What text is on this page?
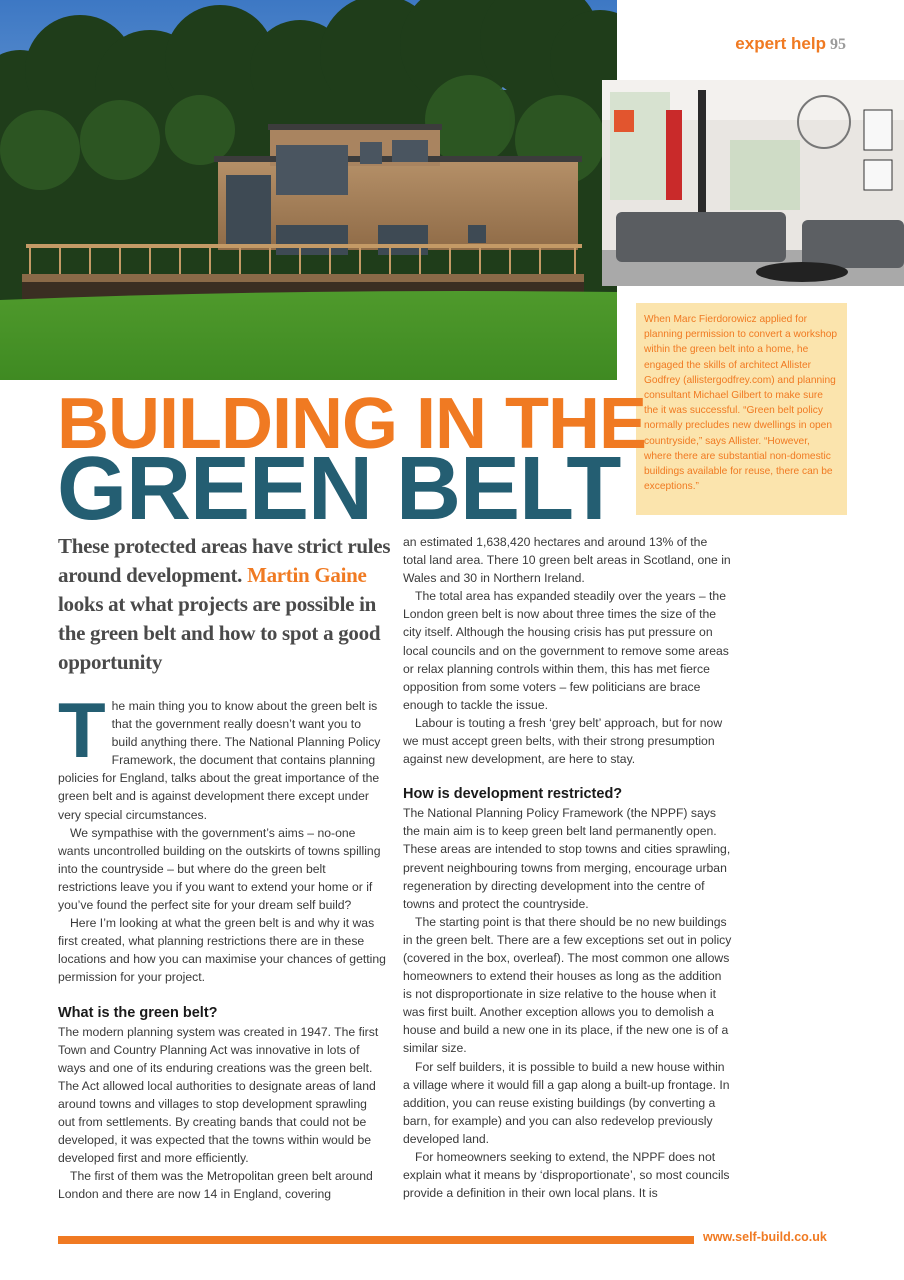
expert help 95
When Marc Fierdorowicz applied for planning permission to convert a workshop within the green belt into a home, he engaged the skills of architect Allister Godfrey (allistergodfrey.com) and planning consultant Michael Gilbert to make sure the it was successful. “Green belt policy normally precludes new dwellings in open countryside,” says Allister. “However, where there are substantial non-domestic buildings available for reuse, there can be exceptions.”
BUILDING IN THE
GREEN BELT
These protected areas have strict rules around development. Martin Gaine looks at what projects are possible in the green belt and how to spot a good opportunity

The main thing you to know about the green belt is that the government really doesn’t want you to build anything there. The National Planning Policy Framework, the document that contains planning policies for England, talks about the great importance of the green belt and is against development there except under very special circumstances.

We sympathise with the government’s aims – no-one wants uncontrolled building on the outskirts of towns spilling into the countryside – but where do the green belt restrictions leave you if you want to extend your home or if you’ve found the perfect site for your dream self build?

Here I’m looking at what the green belt is and why it was first created, what planning restrictions there are in these locations and how you can maximise your chances of getting permission for your project.

What is the green belt?

The modern planning system was created in 1947. The first Town and Country Planning Act was innovative in lots of ways and one of its enduring creations was the green belt. The Act allowed local authorities to designate areas of land around towns and villages to stop development sprawling out from settlements. By creating bands that could not be developed, it was expected that the towns within would be developed first and more efficiently.

The first of them was the Metropolitan green belt around London and there are now 14 in England, covering

an estimated 1,638,420 hectares and around 13% of the total land area. There 10 green belt areas in Scotland, one in Wales and 30 in Northern Ireland.

The total area has expanded steadily over the years – the London green belt is now about three times the size of the city itself. Although the housing crisis has put pressure on local councils and on the government to remove some areas or relax planning controls within them, this has met fierce opposition from some voters – few politicians are brace enough to tackle the issue.

Labour is touting a fresh ‘grey belt’ approach, but for now we must accept green belts, with their strong presumption against new development, are here to stay.

How is development restricted?

The National Planning Policy Framework (the NPPF) says the main aim is to keep green belt land permanently open. These areas are intended to stop towns and cities sprawling, prevent neighbouring towns from merging, encourage urban regeneration by directing development into the centre of towns and protect the countryside.

The starting point is that there should be no new buildings in the green belt. There are a few exceptions set out in policy (covered in the box, overleaf). The most common one allows homeowners to extend their houses as long as the addition is not disproportionate in size relative to the house when it was first built. Another exception allows you to demolish a house and build a new one in its place, if the new one is of a similar size.

For self builders, it is possible to build a new house within a village where it would fill a gap along a built-up frontage. In addition, you can reuse existing buildings (by converting a barn, for example) and you can also redevelop previously developed land.

For homeowners seeking to extend, the NPPF does not explain what it means by ‘disproportionate’, so most councils provide a definition in their own local plans. It is

www.self-build.co.uk
